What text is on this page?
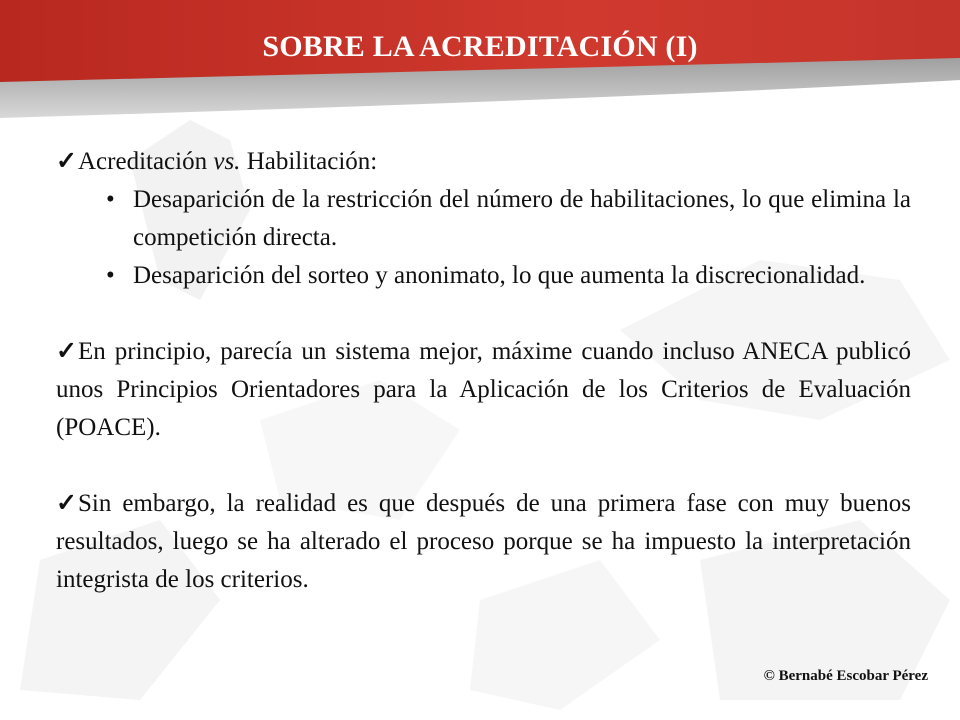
SOBRE LA ACREDITACIÓN (I)
✓Acreditación vs. Habilitación:
• Desaparición de la restricción del número de habilitaciones, lo que elimina la competición directa.
• Desaparición del sorteo y anonimato, lo que aumenta la discrecionalidad.
✓En principio, parecía un sistema mejor, máxime cuando incluso ANECA publicó unos Principios Orientadores para la Aplicación de los Criterios de Evaluación (POACE).
✓Sin embargo, la realidad es que después de una primera fase con muy buenos resultados, luego se ha alterado el proceso porque se ha impuesto la interpretación integrista de los criterios.
© Bernabé Escobar Pérez
